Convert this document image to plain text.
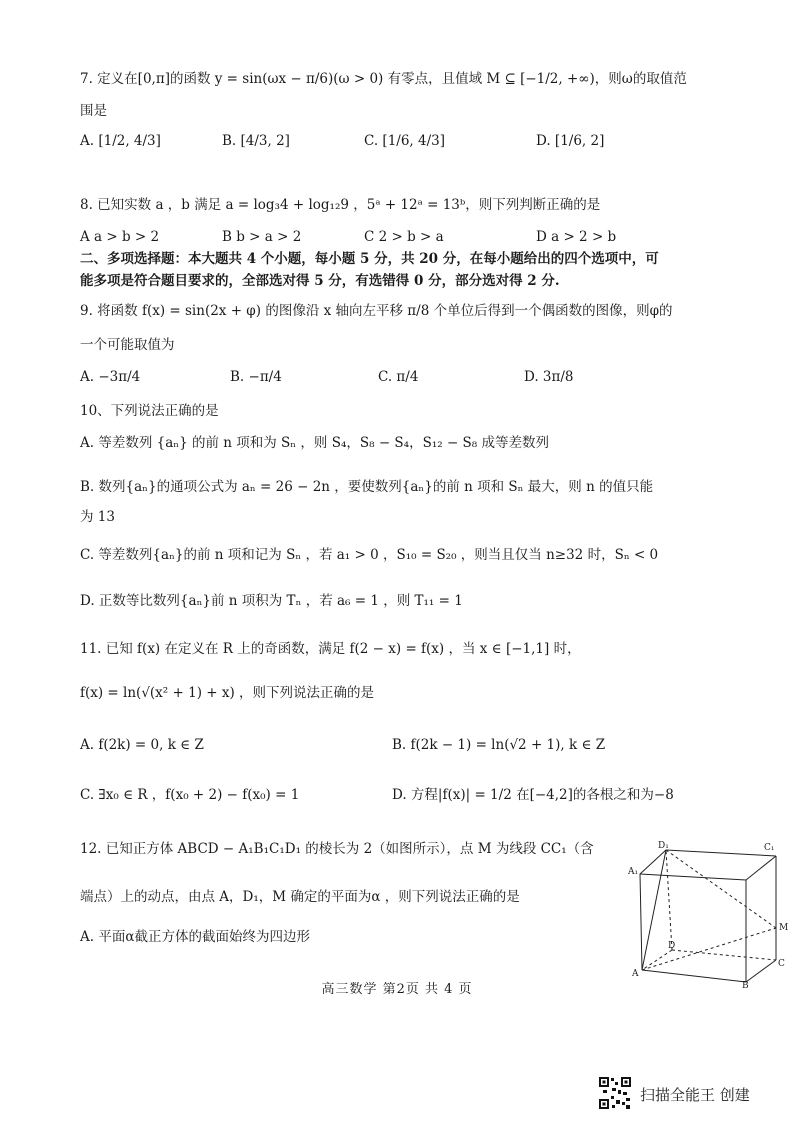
7. 定义在[0,π]的函数 y = sin(ωx − π/6)(ω > 0) 有零点，且值域 M ⊆ [−1/2, +∞)，则ω的取值范
围是
A. [1/2, 4/3]	B. [4/3, 2]	C. [1/6, 4/3]	D. [1/6, 2]
8. 已知实数 a ，b 满足 a = log₃4 + log₁₂9 ，5ᵃ + 12ᵃ = 13ᵇ，则下列判断正确的是
A a > b > 2	B b > a > 2	C 2 > b > a	D a > 2 > b
二、多项选择题：本大题共 4 个小题，每小题 5 分，共 20 分，在每小题给出的四个选项中，可
能多项是符合题目要求的，全部选对得 5 分，有选错得 0 分，部分选对得 2 分.
9. 将函数 f(x) = sin(2x + φ) 的图像沿 x 轴向左平移 π/8 个单位后得到一个偶函数的图像，则φ的
一个可能取值为
A. −3π/4	B. −π/4	C. π/4	D. 3π/8
10、下列说法正确的是
A. 等差数列 {aₙ} 的前 n 项和为 Sₙ ，则 S₄，S₈ − S₄，S₁₂ − S₈ 成等差数列
B. 数列{aₙ}的通项公式为 aₙ = 26 − 2n ，要使数列{aₙ}的前 n 项和 Sₙ 最大，则 n 的值只能
为 13
C. 等差数列{aₙ}的前 n 项和记为 Sₙ ，若 a₁ > 0 ，S₁₀ = S₂₀ ，则当且仅当 n≥32 时，Sₙ < 0
D. 正数等比数列{aₙ}前 n 项积为 Tₙ ，若 a₆ = 1 ，则 T₁₁ = 1
11. 已知 f(x) 在定义在 R 上的奇函数，满足 f(2 − x) = f(x) ，当 x ∈ [−1,1] 时，
f(x) = ln(√(x² + 1) + x) ，则下列说法正确的是
A. f(2k) = 0, k ∈ Z	B. f(2k − 1) = ln(√2 + 1), k ∈ Z
C. ∃x₀ ∈ R ，f(x₀ + 2) − f(x₀) = 1	D. 方程|f(x)| = 1/2 在[−4,2]的各根之和为−8
12. 已知正方体 ABCD − A₁B₁C₁D₁ 的棱长为 2（如图所示），点 M 为线段 CC₁（含
端点）上的动点，由点 A，D₁，M 确定的平面为α ，则下列说法正确的是
A. 平面α截正方体的截面始终为四边形
D₁	C₁
A₁
M
D
A
C
B
高三数学 第2页 共 4 页
扫描全能王 创建
